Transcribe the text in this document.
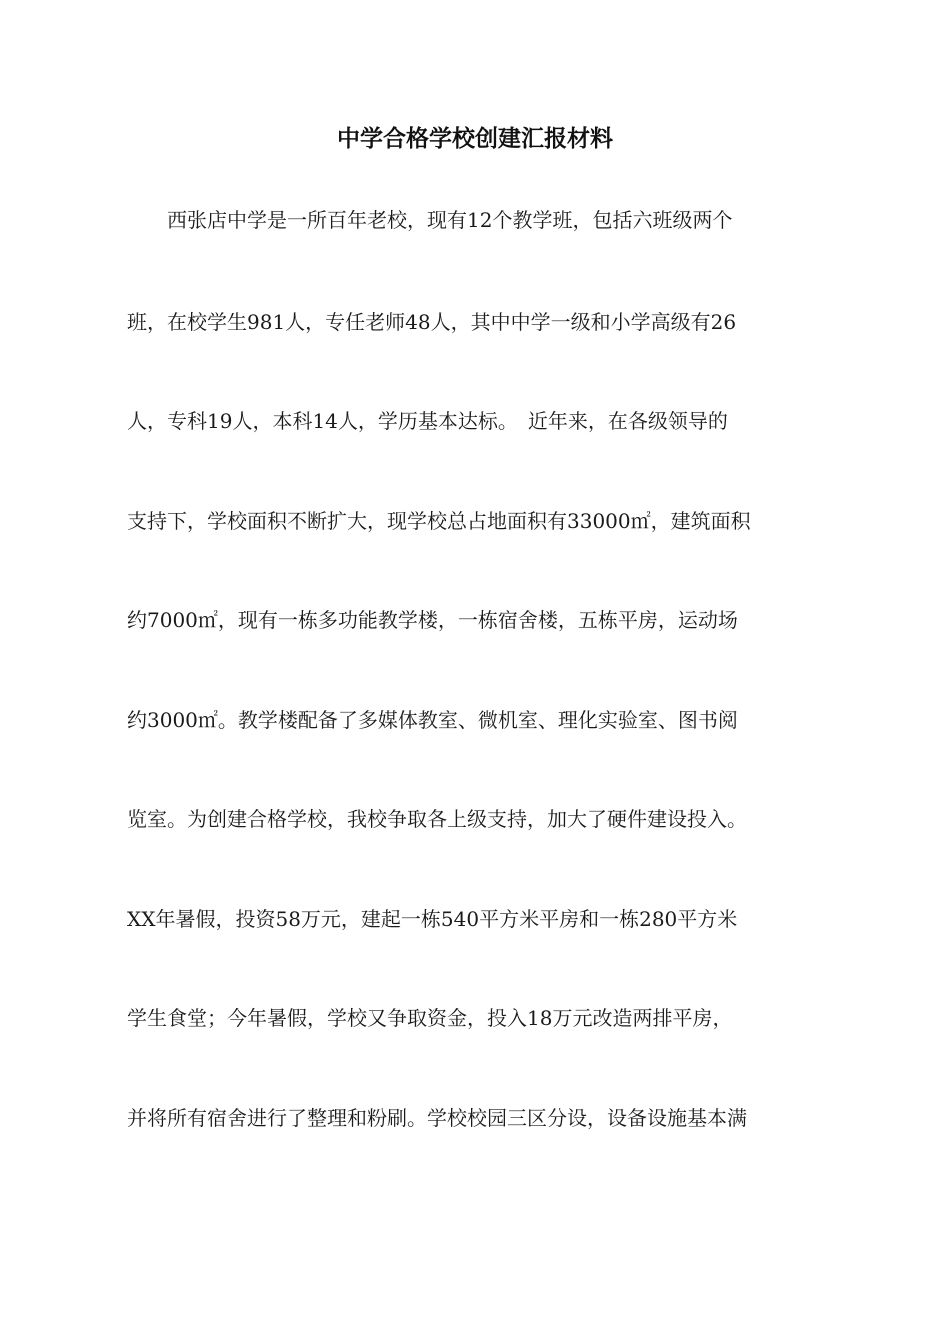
中学合格学校创建汇报材料
　　西张店中学是一所百年老校，现有12个教学班，包括六班级两个
班，在校学生981人，专任老师48人，其中中学一级和小学高级有26
人，专科19人，本科14人，学历基本达标。　近年来，在各级领导的
支持下，学校面积不断扩大，现学校总占地面积有33000㎡，建筑面积
约7000㎡，现有一栋多功能教学楼，一栋宿舍楼，五栋平房，运动场
约3000㎡。教学楼配备了多媒体教室、微机室、理化实验室、图书阅
览室。为创建合格学校，我校争取各上级支持，加大了硬件建设投入。
XX年暑假，投资58万元，建起一栋540平方米平房和一栋280平方米
学生食堂；今年暑假，学校又争取资金，投入18万元改造两排平房，
并将所有宿舍进行了整理和粉刷。学校校园三区分设，设备设施基本满
